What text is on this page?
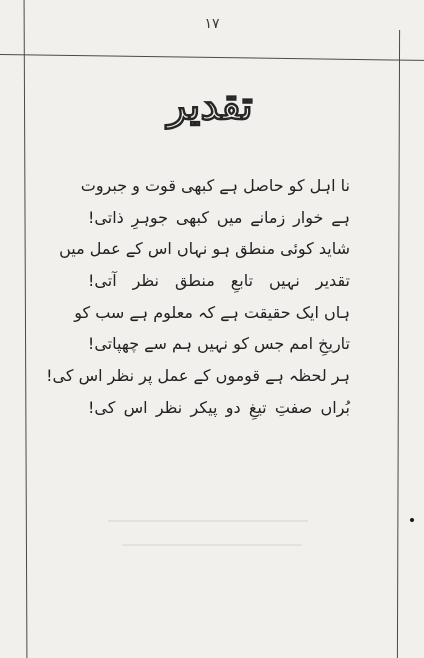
۱۷
تقدیر
نا اہل کو حاصل ہے کبھی قوت و جبروت
ہے خوار زمانے میں کبھی جوہرِ ذاتی!
شاید کوئی منطق ہو نہاں اس کے عمل میں
تقدیر نہیں تابعِ منطق نظر آتی!
ہاں ایک حقیقت ہے کہ معلوم ہے سب کو
تاریخِ امم جس کو نہیں ہم سے چھپاتی!
ہر لحظہ ہے قوموں کے عمل پر نظر اس کی!
بُراں صفتِ تیغِ دو پیکر نظر اس کی!
